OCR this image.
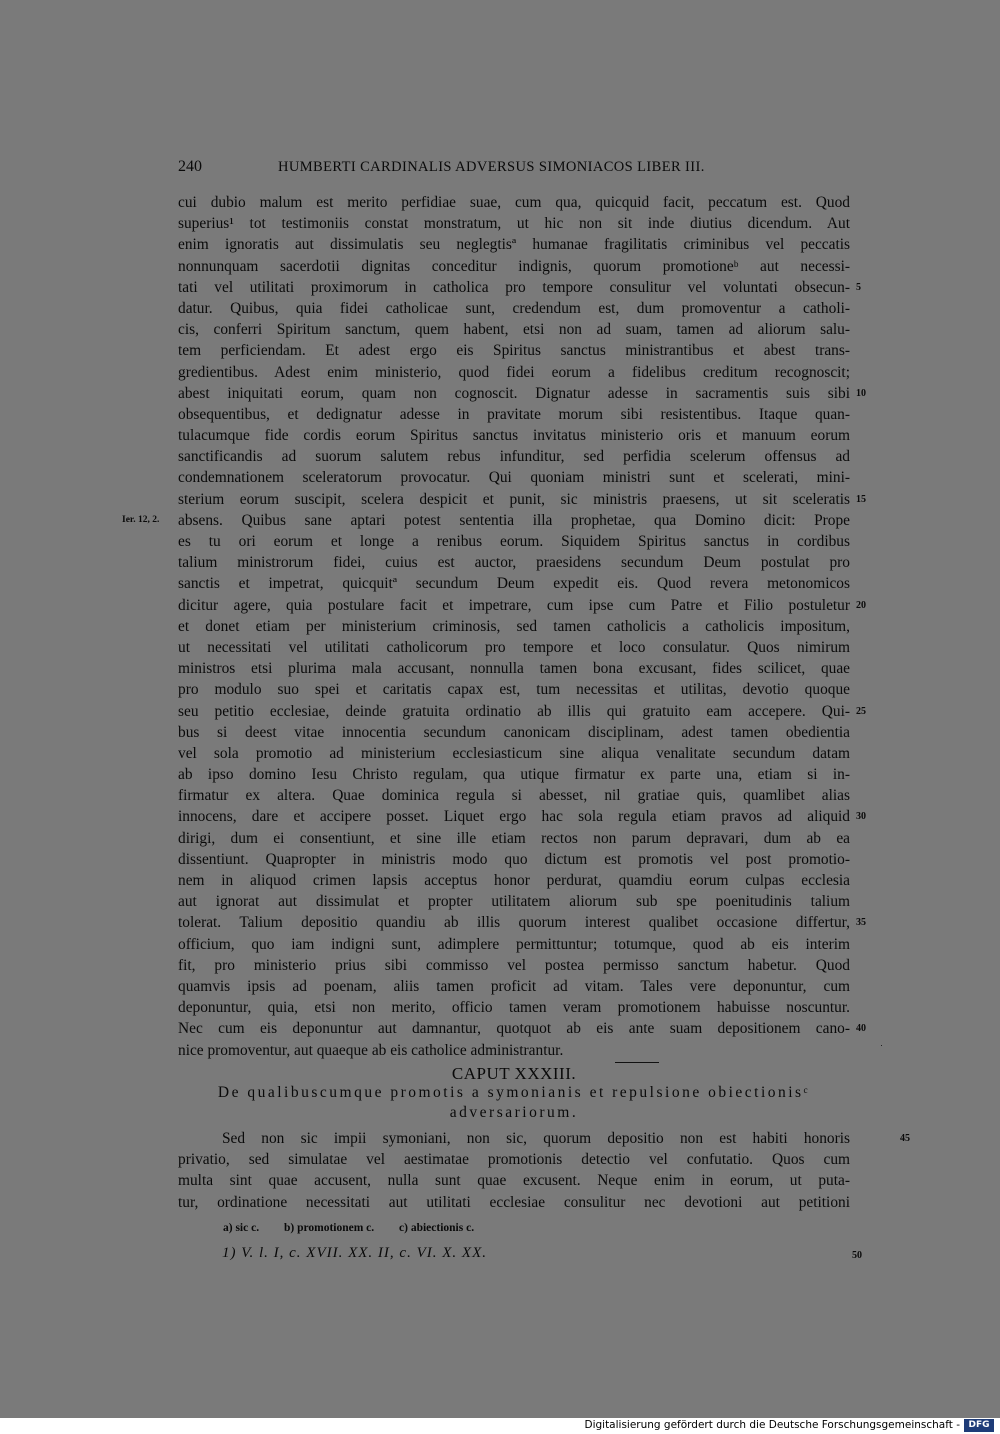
240	HUMBERTI CARDINALIS ADVERSUS SIMONIACOS LIBER III.
cui dubio malum est merito perfidiae suae, cum qua, quicquid facit, peccatum est. Quod
superius¹ tot testimoniis constat monstratum, ut hic non sit inde diutius dicendum. Aut
enim ignoratis aut dissimulatis seu neglegtisª humanae fragilitatis criminibus vel peccatis
nonnunquam sacerdotii dignitas conceditur indignis, quorum promotioneᵇ aut necessi-
tati vel utilitati proximorum in catholica pro tempore consulitur vel voluntati obsecun- 5
datur. Quibus, quia fidei catholicae sunt, credendum est, dum promoventur a catholi-
cis, conferri Spiritum sanctum, quem habent, etsi non ad suam, tamen ad aliorum salu-
tem perficiendam. Et adest ergo eis Spiritus sanctus ministrantibus et abest trans-
gredientibus. Adest enim ministerio, quod fidei eorum a fidelibus creditum recognoscit;
abest iniquitati eorum, quam non cognoscit. Dignatur adesse in sacramentis suis sibi 10
obsequentibus, et dedignatur adesse in pravitate morum sibi resistentibus. Itaque quan-
tulacumque fide cordis eorum Spiritus sanctus invitatus ministerio oris et manuum eorum
sanctificandis ad suorum salutem rebus infunditur, sed perfidia scelerum offensus ad
condemnationem sceleratorum provocatur. Qui quoniam ministri sunt et scelerati, mini-
sterium eorum suscipit, scelera despicit et punit, sic ministris praesens, ut sit sceleratis 15
Ier. 12, 2. absens. Quibus sane aptari potest sententia illa prophetae, qua Domino dicit: Prope
es tu ori eorum et longe a renibus eorum. Siquidem Spiritus sanctus in cordibus
talium ministrorum fidei, cuius est auctor, praesidens secundum Deum postulat pro
sanctis et impetrat, quicquitª secundum Deum expedit eis. Quod revera metonomicos
dicitur agere, quia postulare facit et impetrare, cum ipse cum Patre et Filio postuletur 20
et donet etiam per ministerium criminosis, sed tamen catholicis a catholicis impositum,
ut necessitati vel utilitati catholicorum pro tempore et loco consulatur. Quos nimirum
ministros etsi plurima mala accusant, nonnulla tamen bona excusant, fides scilicet, quae
pro modulo suo spei et caritatis capax est, tum necessitas et utilitas, devotio quoque
seu petitio ecclesiae, deinde gratuita ordinatio ab illis qui gratuito eam accepere. Qui- 25
bus si deest vitae innocentia secundum canonicam disciplinam, adest tamen obedientia
vel sola promotio ad ministerium ecclesiasticum sine aliqua venalitate secundum datam
ab ipso domino Iesu Christo regulam, qua utique firmatur ex parte una, etiam si in-
firmatur ex altera. Quae dominica regula si abesset, nil gratiae quis, quamlibet alias
innocens, dare et accipere posset. Liquet ergo hac sola regula etiam pravos ad aliquid 30
dirigi, dum ei consentiunt, et sine ille etiam rectos non parum depravari, dum ab ea
dissentiunt. Quapropter in ministris modo quo dictum est promotis vel post promotio-
nem in aliquod crimen lapsis acceptus honor perdurat, quamdiu eorum culpas ecclesia
aut ignorat aut dissimulat et propter utilitatem aliorum sub spe poenitudinis talium
tolerat. Talium depositio quandiu ab illis quorum interest qualibet occasione differtur, 35
officium, quo iam indigni sunt, adimplere permittuntur; totumque, quod ab eis interim
fit, pro ministerio prius sibi commisso vel postea permisso sanctum habetur. Quod
quamvis ipsis ad poenam, aliis tamen proficit ad vitam. Tales vere deponuntur, cum
deponuntur, quia, etsi non merito, officio tamen veram promotionem habuisse noscuntur.
Nec cum eis deponuntur aut damnantur, quotquot ab eis ante suam depositionem cano- 40
nice promoventur, aut quaeque ab eis catholice administrantur.
CAPUT XXXIII.
De qualibuscumque promotis a symonianis et repulsione obiectionisᶜ
adversariorum.
Sed non sic impii symoniani, non sic, quorum depositio non est habiti honoris	45
privatio, sed simulatae vel aestimatae promotionis detectio vel confutatio. Quos cum
multa sint quae accusent, nulla sunt quae excusent. Neque enim in eorum, ut puta-
tur, ordinatione necessitati aut utilitati ecclesiae consulitur nec devotioni aut petitioni
a) sic c. b) promotionem c. c) abiectionis c.
1) V. l. I, c. XVII. XX. II, c. VI. X. XX.	50
Digitalisierung gefördert durch die Deutsche Forschungsgemeinschaft - DFG
